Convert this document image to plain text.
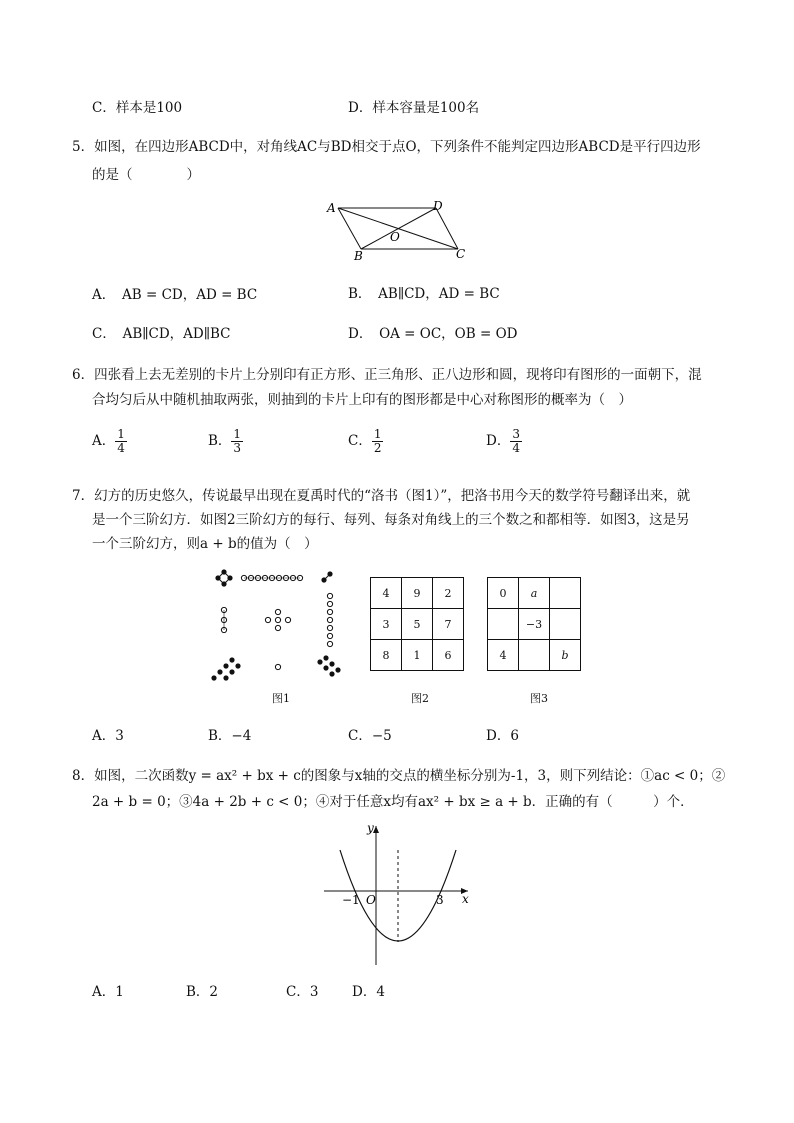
C．样本是100	D．样本容量是100名
5．如图，在四边形ABCD中，对角线AC与BD相交于点O，下列条件不能判定四边形ABCD是平行四边形
的是（　　　　）
A	D
O
B	C
A．　AB = CD，AD = BC	B．　AB∥CD，AD = BC
C．　AB∥CD，AD∥BC	D．　OA = OC，OB = OD
6．四张看上去无差别的卡片上分别印有正方形、正三角形、正八边形和圆，现将印有图形的一面朝下，混
合均匀后从中随机抽取两张，则抽到的卡片上印有的图形都是中心对称图形的概率为（　）
A． $\frac{1}{4}$	B． $\frac{1}{3}$	C． $\frac{1}{2}$	D． $\frac{3}{4}$
7．幻方的历史悠久，传说最早出现在夏禹时代的“洛书（图1）”，把洛书用今天的数学符号翻译出来，就
是一个三阶幻方．如图2三阶幻方的每行、每列、每条对角线上的三个数之和都相等．如图3，这是另
一个三阶幻方，则a + b的值为（　）
图1
4	9	2
3	5	7
8	1	6
图2
0	a	
	−3	
4		b
图3
A．3	B．−4	C．−5	D．6
8．如图，二次函数y = ax² + bx + c的图象与x轴的交点的横坐标分别为-1，3，则下列结论：①ac < 0；②
2a + b = 0；③4a + 2b + c < 0；④对于任意x均有ax² + bx ≥ a + b．正确的有（　　　）个．
y
x
O
−1	3
A．1	B．2	C．3 D．4
